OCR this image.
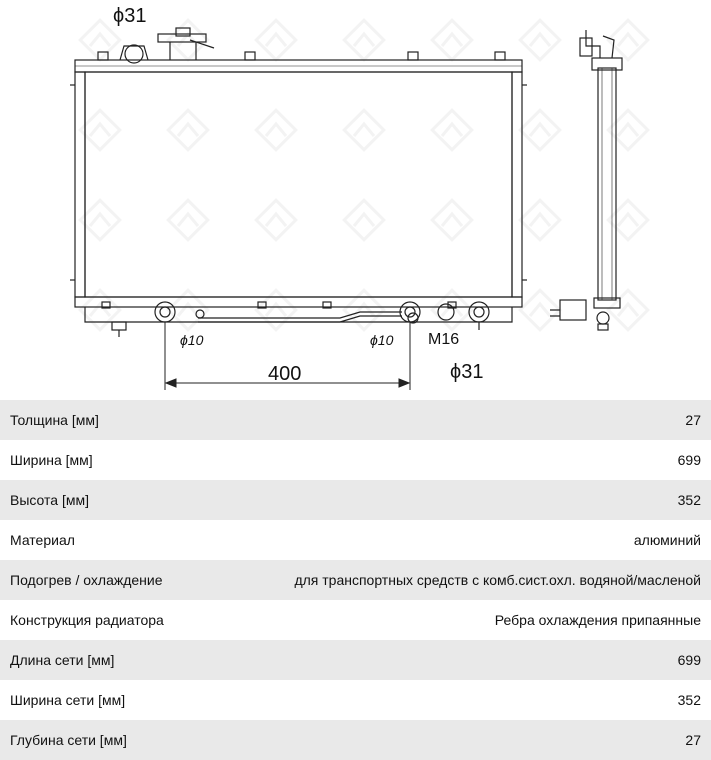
ϕ31
ϕ10	ϕ10 M16
400	ϕ31
Толщина [мм]	27
Ширина [мм]	699
Высота [мм]	352
Материал	алюминий
Подогрев / охлаждение	для транспортных средств с комб.сист.охл. водяной/масленой
Конструкция радиатора	Ребра охлаждения припаянные
Длина сети [мм]	699
Ширина сети [мм]	352
Глубина сети [мм]	27
